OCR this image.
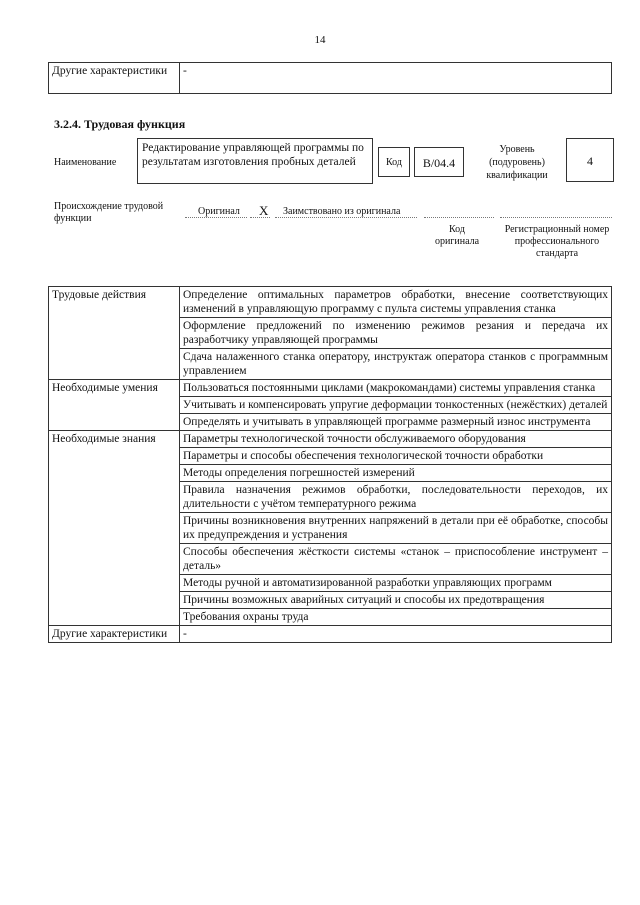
14
Другие характеристики	-
3.2.4. Трудовая функция
Наименование
Редактирование управляющей программы по результатам изготовления пробных деталей	Код	B/04.4
Уровень (подуровень) квалификации
4
Происхождение трудовой функции
Оригинал X Заимствовано из оригинала
Код оригинала
Регистрационный номер профессионального стандарта
Трудовые действия	Определение оптимальных параметров обработки, внесение соответствующих изменений в управляющую программу с пульта системы управления станка
	Оформление предложений по изменению режимов резания и передача их разработчику управляющей программы
	Сдача налаженного станка оператору, инструктаж оператора станков с программным управлением
Необходимые умения	Пользоваться постоянными циклами (макрокомандами) системы управления станка
	Учитывать и компенсировать упругие деформации тонкостенных (нежёстких) деталей
	Определять и учитывать в управляющей программе размерный износ инструмента
Необходимые знания	Параметры технологической точности обслуживаемого оборудования
	Параметры и способы обеспечения технологической точности обработки
	Методы определения погрешностей измерений
	Правила назначения режимов обработки, последовательности переходов, их длительности с учётом температурного режима
	Причины возникновения внутренних напряжений в детали при её обработке, способы их предупреждения и устранения
	Способы обеспечения жёсткости системы «станок – приспособление инструмент – деталь»
	Методы ручной и автоматизированной разработки управляющих программ
	Причины возможных аварийных ситуаций и способы их предотвращения
	Требования охраны труда
Другие характеристики	-
